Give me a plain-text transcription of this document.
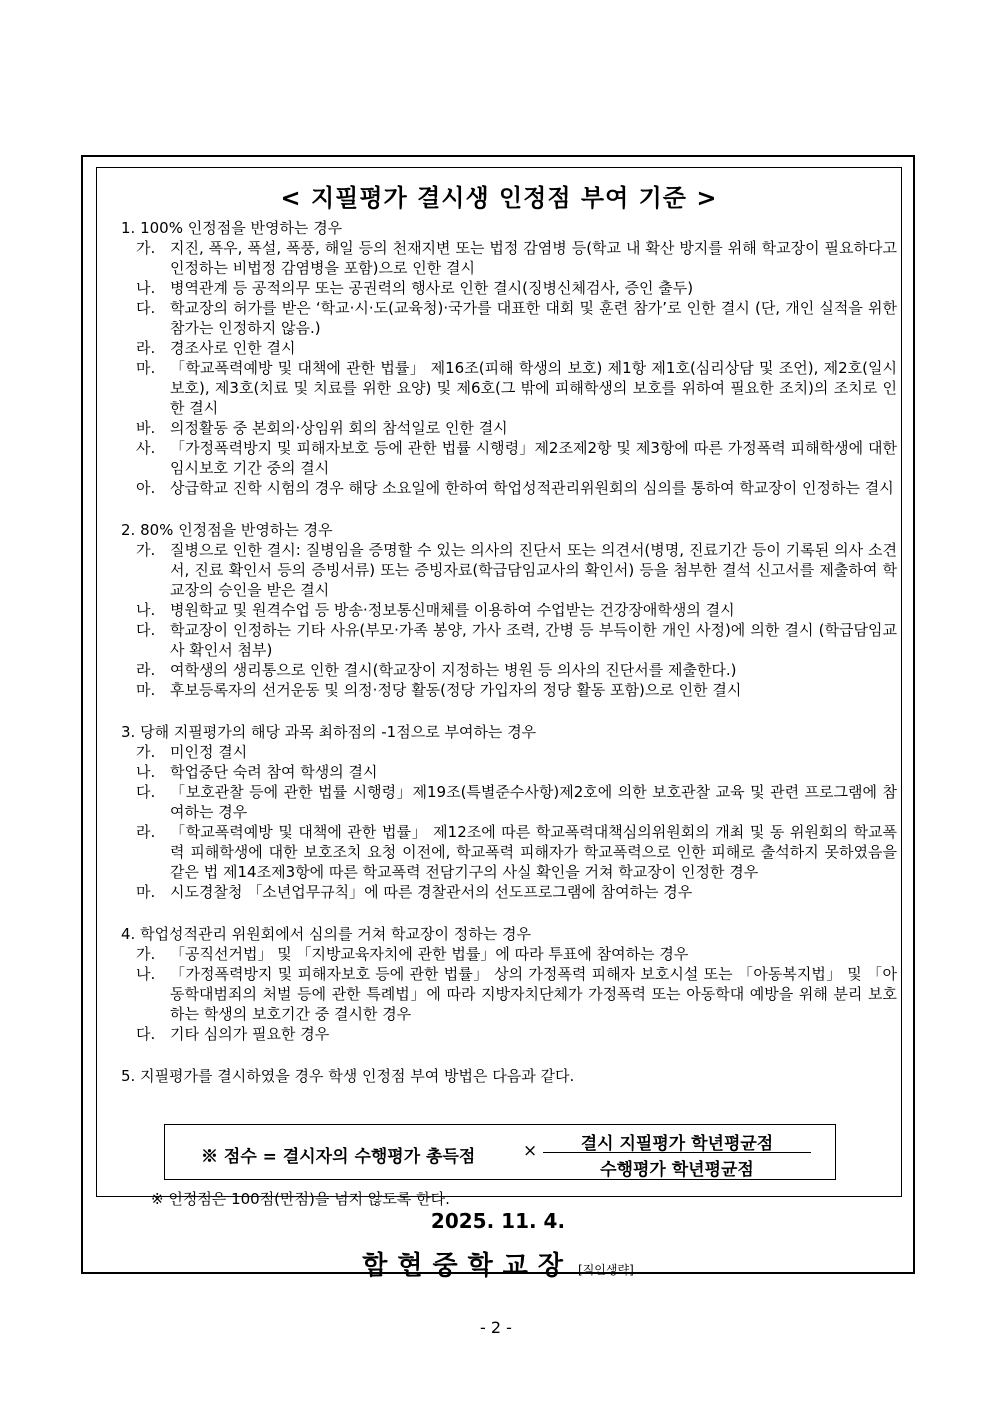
< 지필평가 결시생 인정점 부여 기준 >
1. 100% 인정점을 반영하는 경우
가. 지진, 폭우, 폭설, 폭풍, 해일 등의 천재지변 또는 법정 감염병 등(학교 내 확산 방지를 위해 학교장이 필요하다고 인정하는 비법정 감염병을 포함)으로 인한 결시
나. 병역관계 등 공적의무 또는 공권력의 행사로 인한 결시(징병신체검사, 증인 출두)
다. 학교장의 허가를 받은 ‘학교·시·도(교육청)·국가를 대표한 대회 및 훈련 참가’로 인한 결시 (단, 개인 실적을 위한 참가는 인정하지 않음.)
라. 경조사로 인한 결시
마. 「학교폭력예방 및 대책에 관한 법률」 제16조(피해 학생의 보호) 제1항 제1호(심리상담 및 조언), 제2호(일시보호), 제3호(치료 및 치료를 위한 요양) 및 제6호(그 밖에 피해학생의 보호를 위하여 필요한 조치)의 조치로 인한 결시
바. 의정활동 중 본회의·상임위 회의 참석일로 인한 결시
사. 「가정폭력방지 및 피해자보호 등에 관한 법률 시행령」제2조제2항 및 제3항에 따른 가정폭력 피해학생에 대한 임시보호 기간 중의 결시
아. 상급학교 진학 시험의 경우 해당 소요일에 한하여 학업성적관리위원회의 심의를 통하여 학교장이 인정하는 결시
2. 80% 인정점을 반영하는 경우
가. 질병으로 인한 결시: 질병임을 증명할 수 있는 의사의 진단서 또는 의견서(병명, 진료기간 등이 기록된 의사 소견서, 진료 확인서 등의 증빙서류) 또는 증빙자료(학급담임교사의 확인서) 등을 첨부한 결석 신고서를 제출하여 학교장의 승인을 받은 결시
나. 병원학교 및 원격수업 등 방송·정보통신매체를 이용하여 수업받는 건강장애학생의 결시
다. 학교장이 인정하는 기타 사유(부모·가족 봉양, 가사 조력, 간병 등 부득이한 개인 사정)에 의한 결시 (학급담임교사 확인서 첨부)
라. 여학생의 생리통으로 인한 결시(학교장이 지정하는 병원 등 의사의 진단서를 제출한다.)
마. 후보등록자의 선거운동 및 의정·정당 활동(정당 가입자의 정당 활동 포함)으로 인한 결시
3. 당해 지필평가의 해당 과목 최하점의 -1점으로 부여하는 경우
가. 미인정 결시
나. 학업중단 숙려 참여 학생의 결시
다. 「보호관찰 등에 관한 법률 시행령」제19조(특별준수사항)제2호에 의한 보호관찰 교육 및 관련 프로그램에 참여하는 경우
라. 「학교폭력예방 및 대책에 관한 법률」 제12조에 따른 학교폭력대책심의위원회의 개최 및 동 위원회의 학교폭력 피해학생에 대한 보호조치 요청 이전에, 학교폭력 피해자가 학교폭력으로 인한 피해로 출석하지 못하였음을 같은 법 제14조제3항에 따른 학교폭력 전담기구의 사실 확인을 거쳐 학교장이 인정한 경우
마. 시도경찰청 「소년업무규칙」에 따른 경찰관서의 선도프로그램에 참여하는 경우
4. 학업성적관리 위원회에서 심의를 거쳐 학교장이 정하는 경우
가. 「공직선거법」 및 「지방교육자치에 관한 법률」에 따라 투표에 참여하는 경우
나. 「가정폭력방지 및 피해자보호 등에 관한 법률」 상의 가정폭력 피해자 보호시설 또는 「아동복지법」 및 「아동학대범죄의 처벌 등에 관한 특례법」에 따라 지방자치단체가 가정폭력 또는 아동학대 예방을 위해 분리 보호하는 학생의 보호기간 중 결시한 경우
다. 기타 심의가 필요한 경우
5. 지필평가를 결시하였을 경우 학생 인정점 부여 방법은 다음과 같다.
※ 점수 = 결시자의 수행평가 총득점	×	결시 지필평가 학년평균점
수행평가 학년평균점
※ 인정점은 100점(만점)을 넘지 않도록 한다.
2025. 11. 4.
함현중학교장 [직인생략]
- 2 -
